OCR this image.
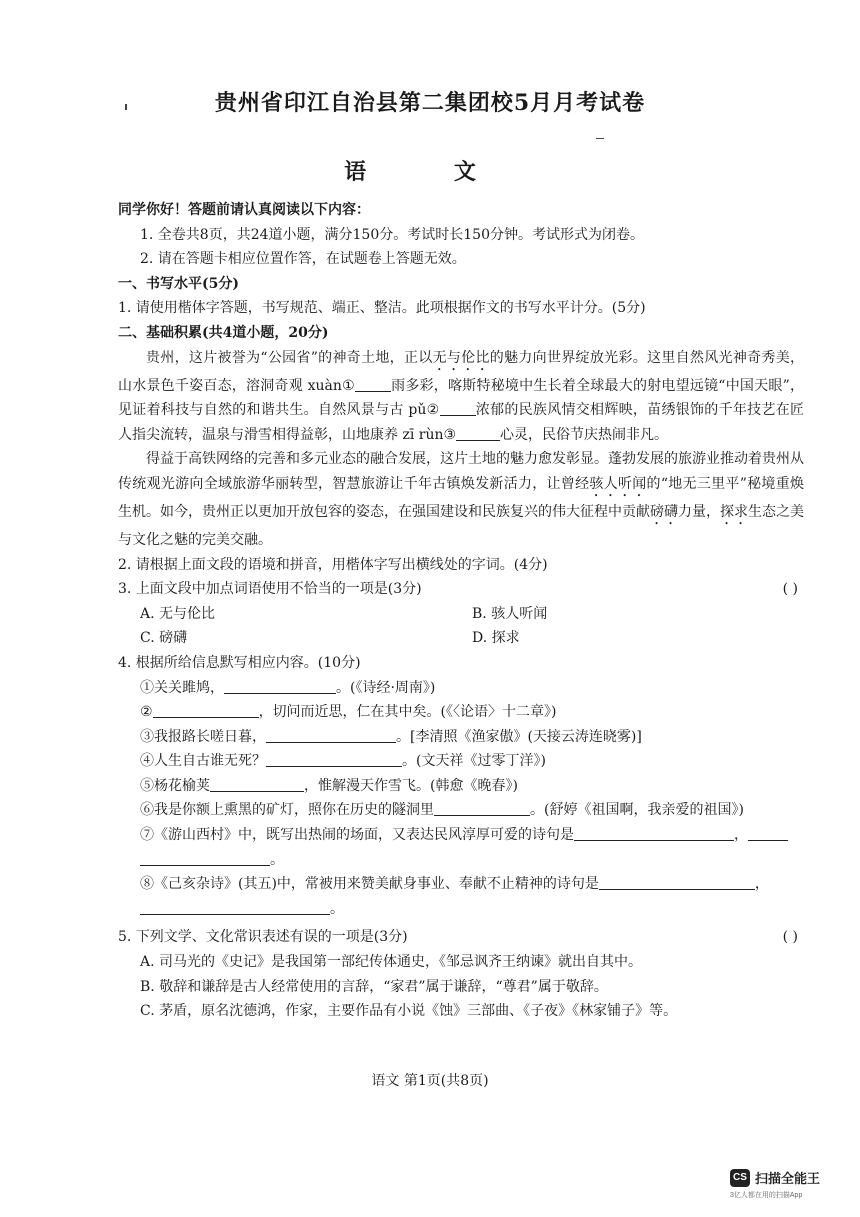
贵州省印江自治县第二集团校5月月考试卷
语 文
同学你好！答题前请认真阅读以下内容：
1. 全卷共8页，共24道小题，满分150分。考试时长150分钟。考试形式为闭卷。
2. 请在答题卡相应位置作答，在试题卷上答题无效。
一、书写水平(5分)
1. 请使用楷体字答题，书写规范、端正、整洁。此项根据作文的书写水平计分。(5分)
二、基础积累(共4道小题，20分)
贵州，这片被誉为“公园省”的神奇土地，正以无与伦比的魅力向世界绽放光彩。这里自然风光神奇秀美，山水景色千姿百态，溶洞奇观 xuàn①	雨多彩，喀斯特秘境中生长着全球最大的射电望远镜“中国天眼”，见证着科技与自然的和谐共生。自然风景与古 pǔ②	浓郁的民族风情交相辉映，苗绣银饰的千年技艺在匠人指尖流转，温泉与滑雪相得益彰，山地康养 zī rùn③	心灵，民俗节庆热闹非凡。
得益于高铁网络的完善和多元业态的融合发展，这片土地的魅力愈发彰显。蓬勃发展的旅游业推动着贵州从传统观光游向全域旅游华丽转型，智慧旅游让千年古镇焕发新活力，让曾经骇人听闻的“地无三里平”秘境重焕生机。如今，贵州正以更加开放包容的姿态，在强国建设和民族复兴的伟大征程中贡献磅礴力量，探求生态之美与文化之魅的完美交融。
2. 请根据上面文段的语境和拼音，用楷体字写出横线处的字词。(4分)
3. 上面文段中加点词语使用不恰当的一项是(3分)	( )
A. 无与伦比	B. 骇人听闻
C. 磅礴	D. 探求
4. 根据所给信息默写相应内容。(10分)
①关关雎鸠，	。(《诗经·周南》)
②	，切问而近思，仁在其中矣。(《〈论语〉十二章》)
③我报路长嗟日暮，	。[李清照《渔家傲》(天接云涛连晓雾)]
④人生自古谁无死？	。(文天祥《过零丁洋》)
⑤杨花榆荚	，惟解漫天作雪飞。(韩愈《晚春》)
⑥我是你额上熏黑的矿灯，照你在历史的隧洞里	。(舒婷《祖国啊，我亲爱的祖国》)
⑦《游山西村》中，既写出热闹的场面，又表达民风淳厚可爱的诗句是	，
。
⑧《己亥杂诗》(其五)中，常被用来赞美献身事业、奉献不止精神的诗句是	，
。
5. 下列文学、文化常识表述有误的一项是(3分)	( )
A. 司马光的《史记》是我国第一部纪传体通史，《邹忌讽齐王纳谏》就出自其中。
B. 敬辞和谦辞是古人经常使用的言辞，“家君”属于谦辞，“尊君”属于敬辞。
C. 茅盾，原名沈德鸿，作家，主要作品有小说《蚀》三部曲、《子夜》《林家铺子》等。
语文 第1页(共8页)
CS 扫描全能王
3亿人都在用的扫描App
